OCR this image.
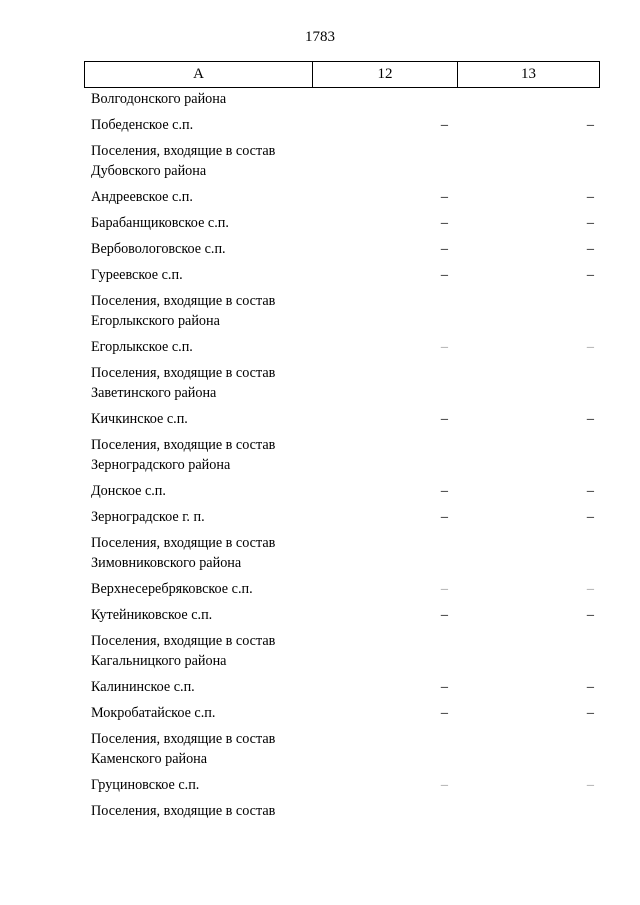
1783
А	12	13
Волгодонского района
Победенское с.п.	–	–
Поселения, входящие в состав
Дубовского района
Андреевское с.п.	–	–
Барабанщиковское с.п.	–	–
Вербовологовское с.п.	–	–
Гуреевское с.п.	–	–
Поселения, входящие в состав
Егорлыкского района
Егорлыкское с.п.	–	–
Поселения, входящие в состав
Заветинского района
Кичкинское с.п.	–	–
Поселения, входящие в состав
Зерноградского района
Донское с.п.	–	–
Зерноградское г. п.	–	–
Поселения, входящие в состав
Зимовниковского района
Верхнесеребряковское с.п.	–	–
Кутейниковское с.п.	–	–
Поселения, входящие в состав
Кагальницкого района
Калининское с.п.	–	–
Мокробатайское с.п.	–	–
Поселения, входящие в состав
Каменского района
Груциновское с.п.	–	–
Поселения, входящие в состав
